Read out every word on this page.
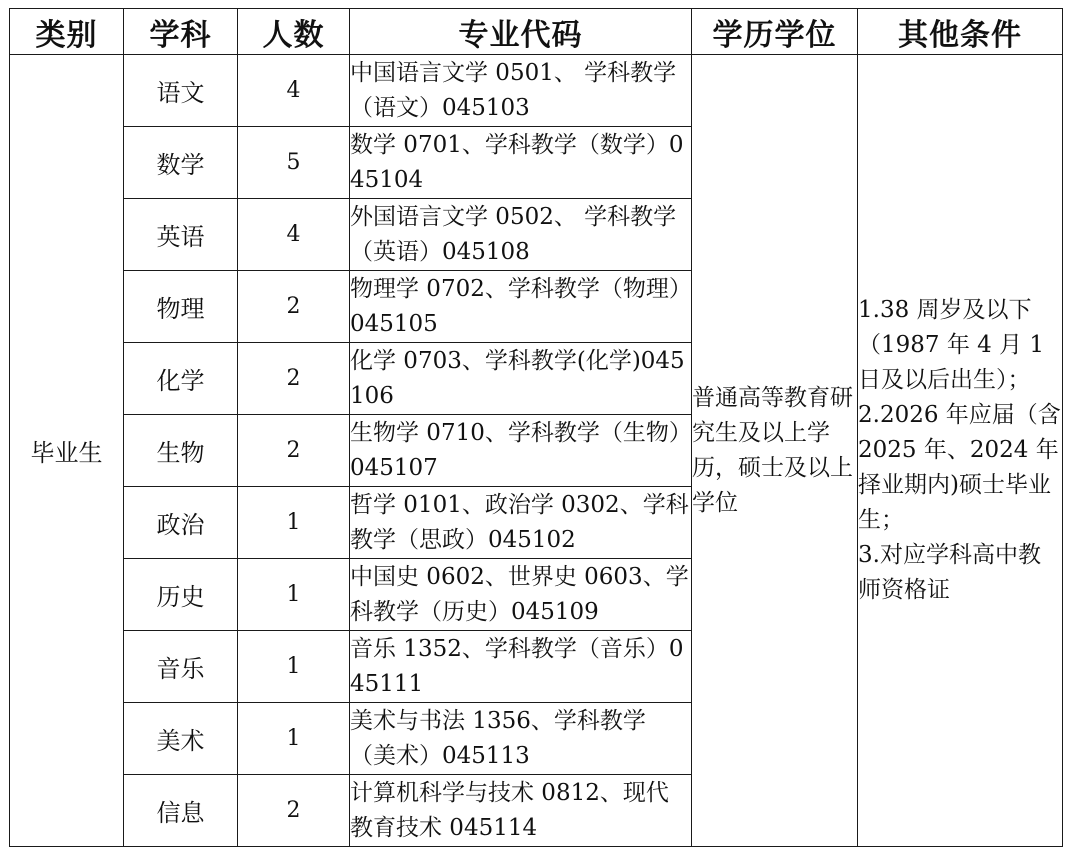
类别	学科	人数	专业代码	学历学位	其他条件
毕业生	语文	4	中国语言文学 0501、 学科教学（语文）045103	普通高等教育研究生及以上学历，硕士及以上学位	1.38 周岁及以下（1987 年 4 月 1 日及以后出生）；
2.2026 年应届（含 2025 年、2024 年择业期内)硕士毕业生；
3.对应学科高中教师资格证

	数学	5	数学 0701、学科教学（数学）045104		
	英语	4	外国语言文学 0502、 学科教学（英语）045108		
	物理	2	物理学 0702、学科教学（物理）045105		
	化学	2	化学 0703、学科教学(化学)045106		
	生物	2	生物学 0710、学科教学（生物）045107		
	政治	1	哲学 0101、政治学 0302、学科教学（思政）045102		
	历史	1	中国史 0602、世界史 0603、学科教学（历史）045109		
	音乐	1	音乐 1352、学科教学（音乐）045111		
	美术	1	美术与书法 1356、学科教学（美术）045113		
	信息	2	计算机科学与技术 0812、现代教育技术 045114		
